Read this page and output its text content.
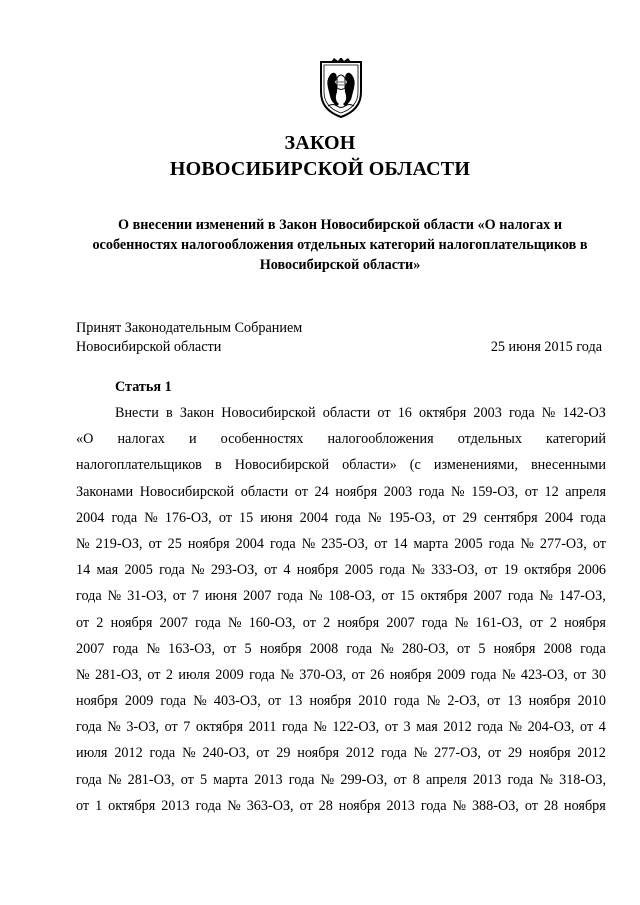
ЗАКОН
НОВОСИБИРСКОЙ ОБЛАСТИ
О внесении изменений в Закон Новосибирской области «О налогах и
особенностях налогообложения отдельных категорий налогоплательщиков в
Новосибирской области»
Принят Законодательным Собранием
Новосибирской области	25 июня 2015 года
Статья 1
Внести в Закон Новосибирской области от 16 октября 2003 года № 142-ОЗ
«О налогах и особенностях налогообложения отдельных категорий
налогоплательщиков в Новосибирской области» (с изменениями, внесенными
Законами Новосибирской области от 24 ноября 2003 года № 159-ОЗ, от 12 апреля
2004 года № 176-ОЗ, от 15 июня 2004 года № 195-ОЗ, от 29 сентября 2004 года
№ 219-ОЗ, от 25 ноября 2004 года № 235-ОЗ, от 14 марта 2005 года № 277-ОЗ, от
14 мая 2005 года № 293-ОЗ, от 4 ноября 2005 года № 333-ОЗ, от 19 октября 2006
года № 31-ОЗ, от 7 июня 2007 года № 108-ОЗ, от 15 октября 2007 года № 147-ОЗ,
от 2 ноября 2007 года № 160-ОЗ, от 2 ноября 2007 года № 161-ОЗ, от 2 ноября
2007 года № 163-ОЗ, от 5 ноября 2008 года № 280-ОЗ, от 5 ноября 2008 года
№ 281-ОЗ, от 2 июля 2009 года № 370-ОЗ, от 26 ноября 2009 года № 423-ОЗ, от 30
ноября 2009 года № 403-ОЗ, от 13 ноября 2010 года № 2-ОЗ, от 13 ноября 2010
года № 3-ОЗ, от 7 октября 2011 года № 122-ОЗ, от 3 мая 2012 года № 204-ОЗ, от 4
июля 2012 года № 240-ОЗ, от 29 ноября 2012 года № 277-ОЗ, от 29 ноября 2012
года № 281-ОЗ, от 5 марта 2013 года № 299-ОЗ, от 8 апреля 2013 года № 318-ОЗ,
от 1 октября 2013 года № 363-ОЗ, от 28 ноября 2013 года № 388-ОЗ, от 28 ноября
